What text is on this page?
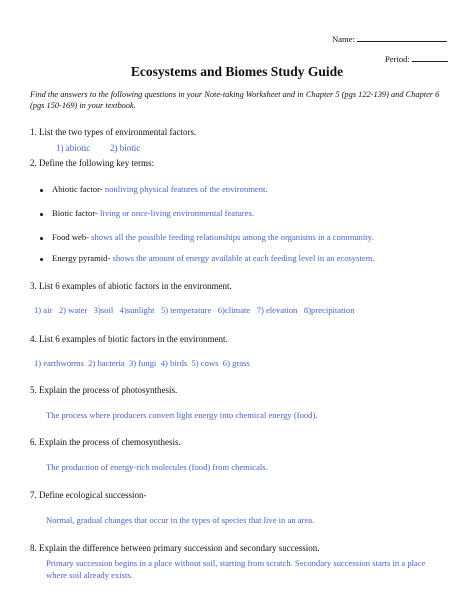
Name:
Period:
Ecosystems and Biomes Study Guide
Find the answers to the following questions in your Note-taking Worksheet and in Chapter 5 (pgs 122-139) and Chapter 6 (pgs 150-169) in your textbook.
1. List the two types of environmental factors.
1) abiotic 2) biotic
2. Define the following key terms:
Abiotic factor- nonliving physical features of the environment.
Biotic factor- living or once-living environmental features.
Food web- shows all the possible feeding relationships among the organisms in a community.
Energy pyramid- shows the amount of energy available at each feeding level in an ecosystem.
3. List 6 examples of abiotic factors in the environment.
1) air   2) water   3)soil   4)sunlight   5) temperature   6)climate   7) elevation   8)precipitation
4. List 6 examples of biotic factors in the environment.
1) earthworms  2) bacteria  3) fungi  4) birds  5) cows  6) grass
5. Explain the process of photosynthesis.
The process where producers convert light energy into chemical energy (food).
6. Explain the process of chemosynthesis.
The production of energy-rich molecules (food) from chemicals.
7. Define ecological succession-
Normal, gradual changes that occur in the types of species that live in an area.
8. Explain the difference between primary succession and secondary succession.
Primary succession begins in a place without soil, starting from scratch. Secondary succession starts in a place where soil already exists.
